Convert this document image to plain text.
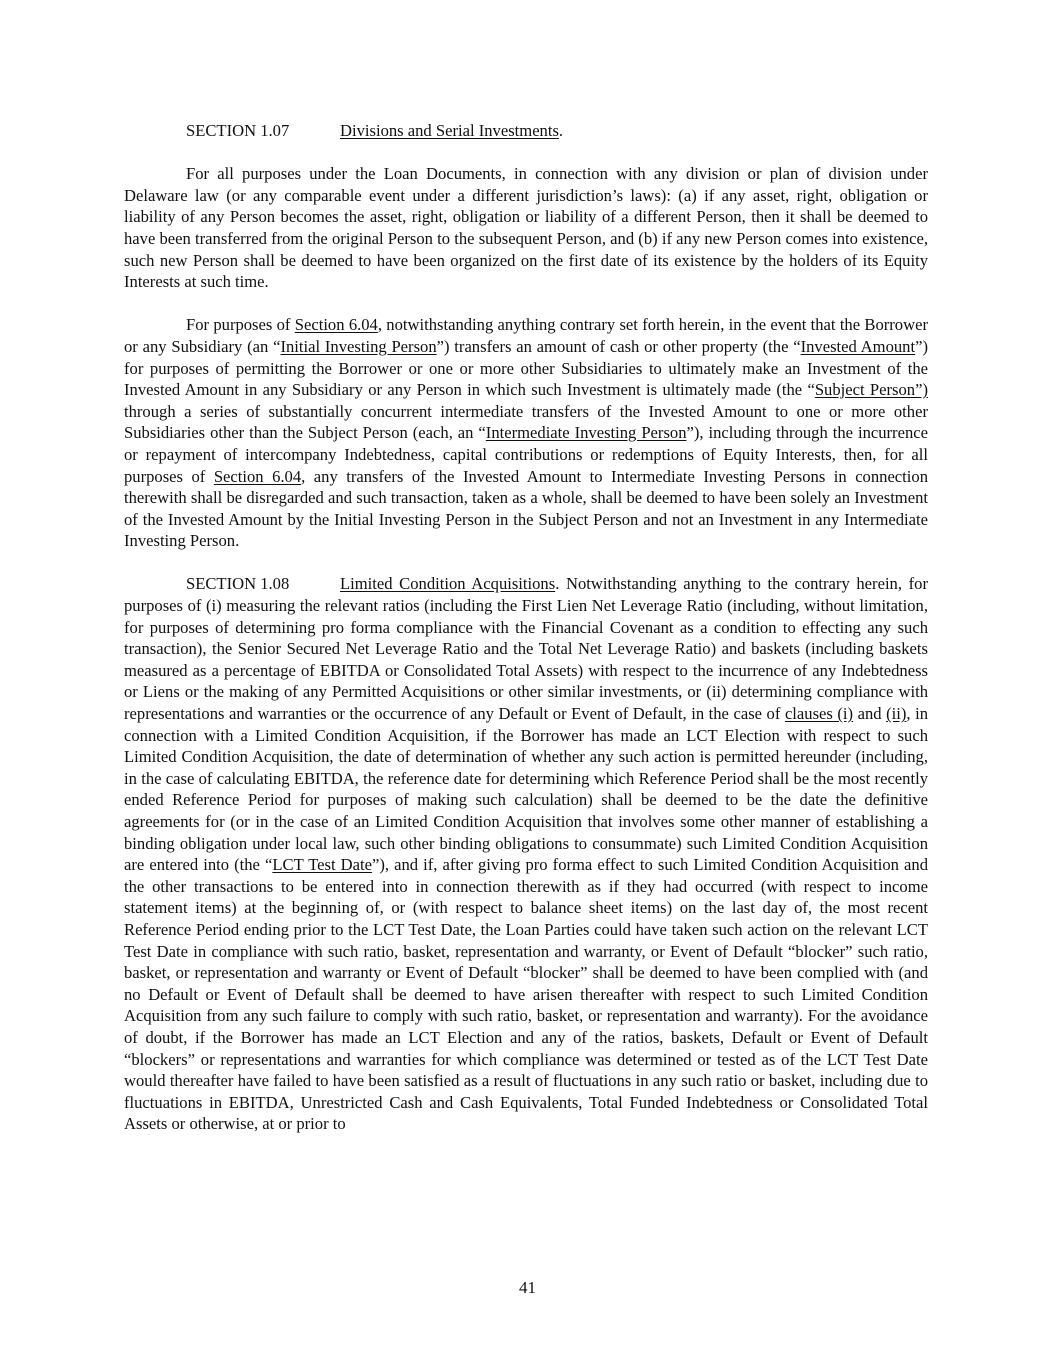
SECTION 1.07	Divisions and Serial Investments.

For all purposes under the Loan Documents, in connection with any division or plan of division under Delaware law (or any comparable event under a different jurisdiction’s laws): (a) if any asset, right, obligation or liability of any Person becomes the asset, right, obligation or liability of a different Person, then it shall be deemed to have been transferred from the original Person to the subsequent Person, and (b) if any new Person comes into existence, such new Person shall be deemed to have been organized on the first date of its existence by the holders of its Equity Interests at such time.

For purposes of Section 6.04, notwithstanding anything contrary set forth herein, in the event that the Borrower or any Subsidiary (an “Initial Investing Person”) transfers an amount of cash or other property (the “Invested Amount”) for purposes of permitting the Borrower or one or more other Subsidiaries to ultimately make an Investment of the Invested Amount in any Subsidiary or any Person in which such Investment is ultimately made (the “Subject Person”) through a series of substantially concurrent intermediate transfers of the Invested Amount to one or more other Subsidiaries other than the Subject Person (each, an “Intermediate Investing Person”), including through the incurrence or repayment of intercompany Indebtedness, capital contributions or redemptions of Equity Interests, then, for all purposes of Section 6.04, any transfers of the Invested Amount to Intermediate Investing Persons in connection therewith shall be disregarded and such transaction, taken as a whole, shall be deemed to have been solely an Investment of the Invested Amount by the Initial Investing Person in the Subject Person and not an Investment in any Intermediate Investing Person.

SECTION 1.08	Limited Condition Acquisitions. Notwithstanding anything to the contrary herein, for purposes of (i) measuring the relevant ratios (including the First Lien Net Leverage Ratio (including, without limitation, for purposes of determining pro forma compliance with the Financial Covenant as a condition to effecting any such transaction), the Senior Secured Net Leverage Ratio and the Total Net Leverage Ratio) and baskets (including baskets measured as a percentage of EBITDA or Consolidated Total Assets) with respect to the incurrence of any Indebtedness or Liens or the making of any Permitted Acquisitions or other similar investments, or (ii) determining compliance with representations and warranties or the occurrence of any Default or Event of Default, in the case of clauses (i) and (ii), in connection with a Limited Condition Acquisition, if the Borrower has made an LCT Election with respect to such Limited Condition Acquisition, the date of determination of whether any such action is permitted hereunder (including, in the case of calculating EBITDA, the reference date for determining which Reference Period shall be the most recently ended Reference Period for purposes of making such calculation) shall be deemed to be the date the definitive agreements for (or in the case of an Limited Condition Acquisition that involves some other manner of establishing a binding obligation under local law, such other binding obligations to consummate) such Limited Condition Acquisition are entered into (the “LCT Test Date”), and if, after giving pro forma effect to such Limited Condition Acquisition and the other transactions to be entered into in connection therewith as if they had occurred (with respect to income statement items) at the beginning of, or (with respect to balance sheet items) on the last day of, the most recent Reference Period ending prior to the LCT Test Date, the Loan Parties could have taken such action on the relevant LCT Test Date in compliance with such ratio, basket, representation and warranty, or Event of Default “blocker” such ratio, basket, or representation and warranty or Event of Default “blocker” shall be deemed to have been complied with (and no Default or Event of Default shall be deemed to have arisen thereafter with respect to such Limited Condition Acquisition from any such failure to comply with such ratio, basket, or representation and warranty). For the avoidance of doubt, if the Borrower has made an LCT Election and any of the ratios, baskets, Default or Event of Default “blockers” or representations and warranties for which compliance was determined or tested as of the LCT Test Date would thereafter have failed to have been satisfied as a result of fluctuations in any such ratio or basket, including due to fluctuations in EBITDA, Unrestricted Cash and Cash Equivalents, Total Funded Indebtedness or Consolidated Total Assets or otherwise, at or prior to

41
